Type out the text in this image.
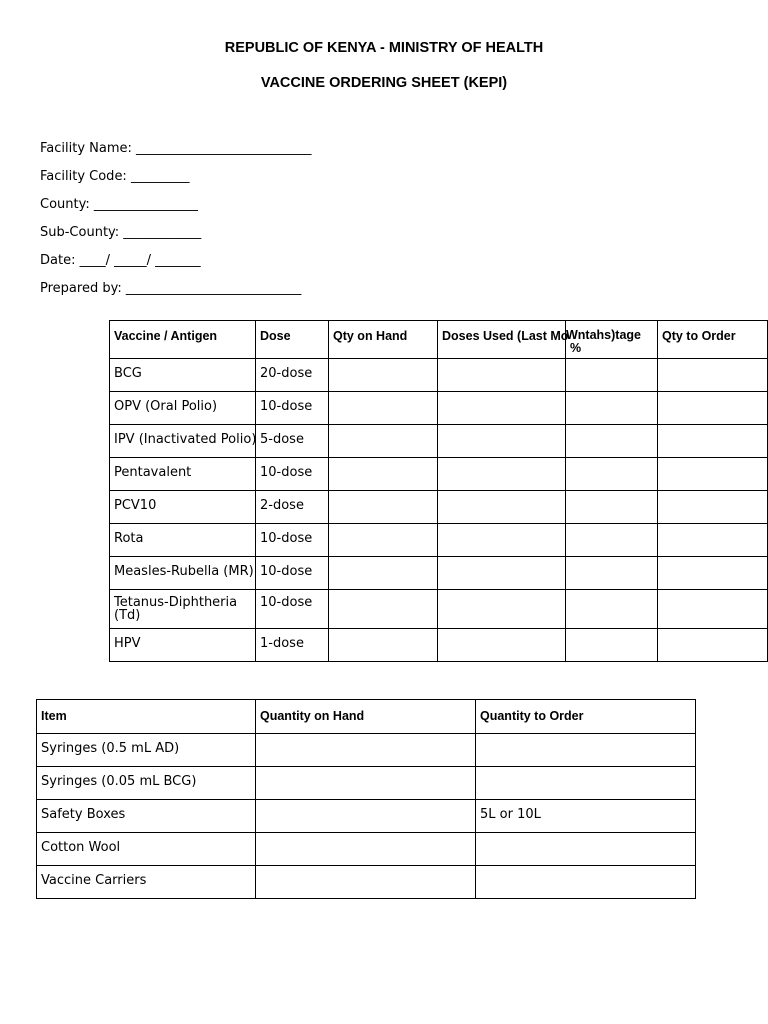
REPUBLIC OF KENYA - MINISTRY OF HEALTH
VACCINE ORDERING SHEET (KEPI)
Facility Name: ___________________________
Facility Code: _________
County: ________________
Sub-County: ____________
Date: ____/ _____/ _______
Prepared by: ___________________________
Vaccine / Antigen	Dose	Qty on Hand	Doses Used (Last Mo	Wntahs)tage %	Qty to Order
BCG	20-dose				
OPV (Oral Polio)	10-dose				
IPV (Inactivated Polio)	5-dose				
Pentavalent	10-dose				
PCV10	2-dose				
Rota	10-dose				
Measles-Rubella (MR)	10-dose				
Tetanus-Diphtheria (Td)	10-dose				
HPV	1-dose				
Item	Quantity on Hand	Quantity to Order
Syringes (0.5 mL AD)		
Syringes (0.05 mL BCG)		
Safety Boxes		5L or 10L
Cotton Wool		
Vaccine Carriers		
